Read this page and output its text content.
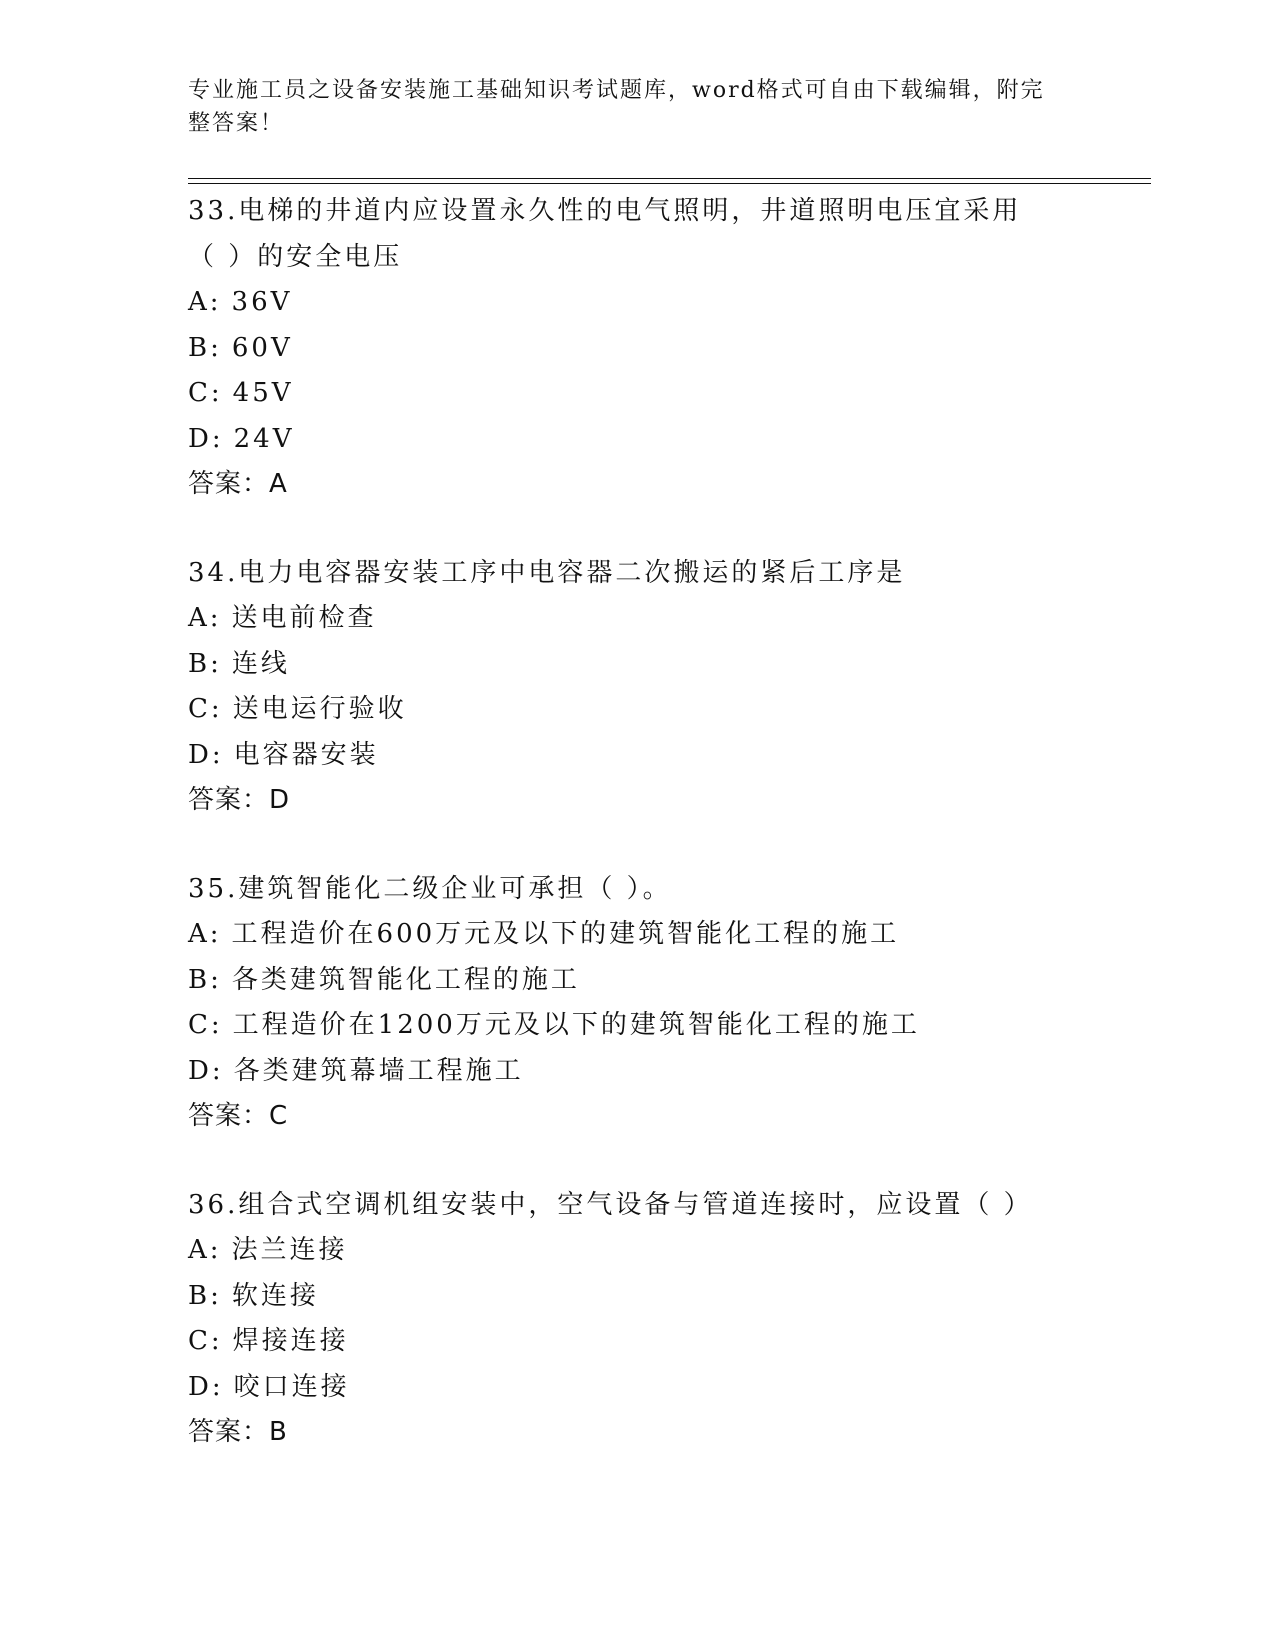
专业施工员之设备安装施工基础知识考试题库，word格式可自由下载编辑，附完整答案！
33.电梯的井道内应设置永久性的电气照明，井道照明电压宜采用（ ）的安全电压
A: 36V
B: 60V
C: 45V
D: 24V
答案：A
34.电力电容器安装工序中电容器二次搬运的紧后工序是
A: 送电前检查
B: 连线
C: 送电运行验收
D: 电容器安装
答案：D
35.建筑智能化二级企业可承担（ ）。
A: 工程造价在600万元及以下的建筑智能化工程的施工
B: 各类建筑智能化工程的施工
C: 工程造价在1200万元及以下的建筑智能化工程的施工
D: 各类建筑幕墙工程施工
答案：C
36.组合式空调机组安装中，空气设备与管道连接时，应设置（ ）
A: 法兰连接
B: 软连接
C: 焊接连接
D: 咬口连接
答案：B
